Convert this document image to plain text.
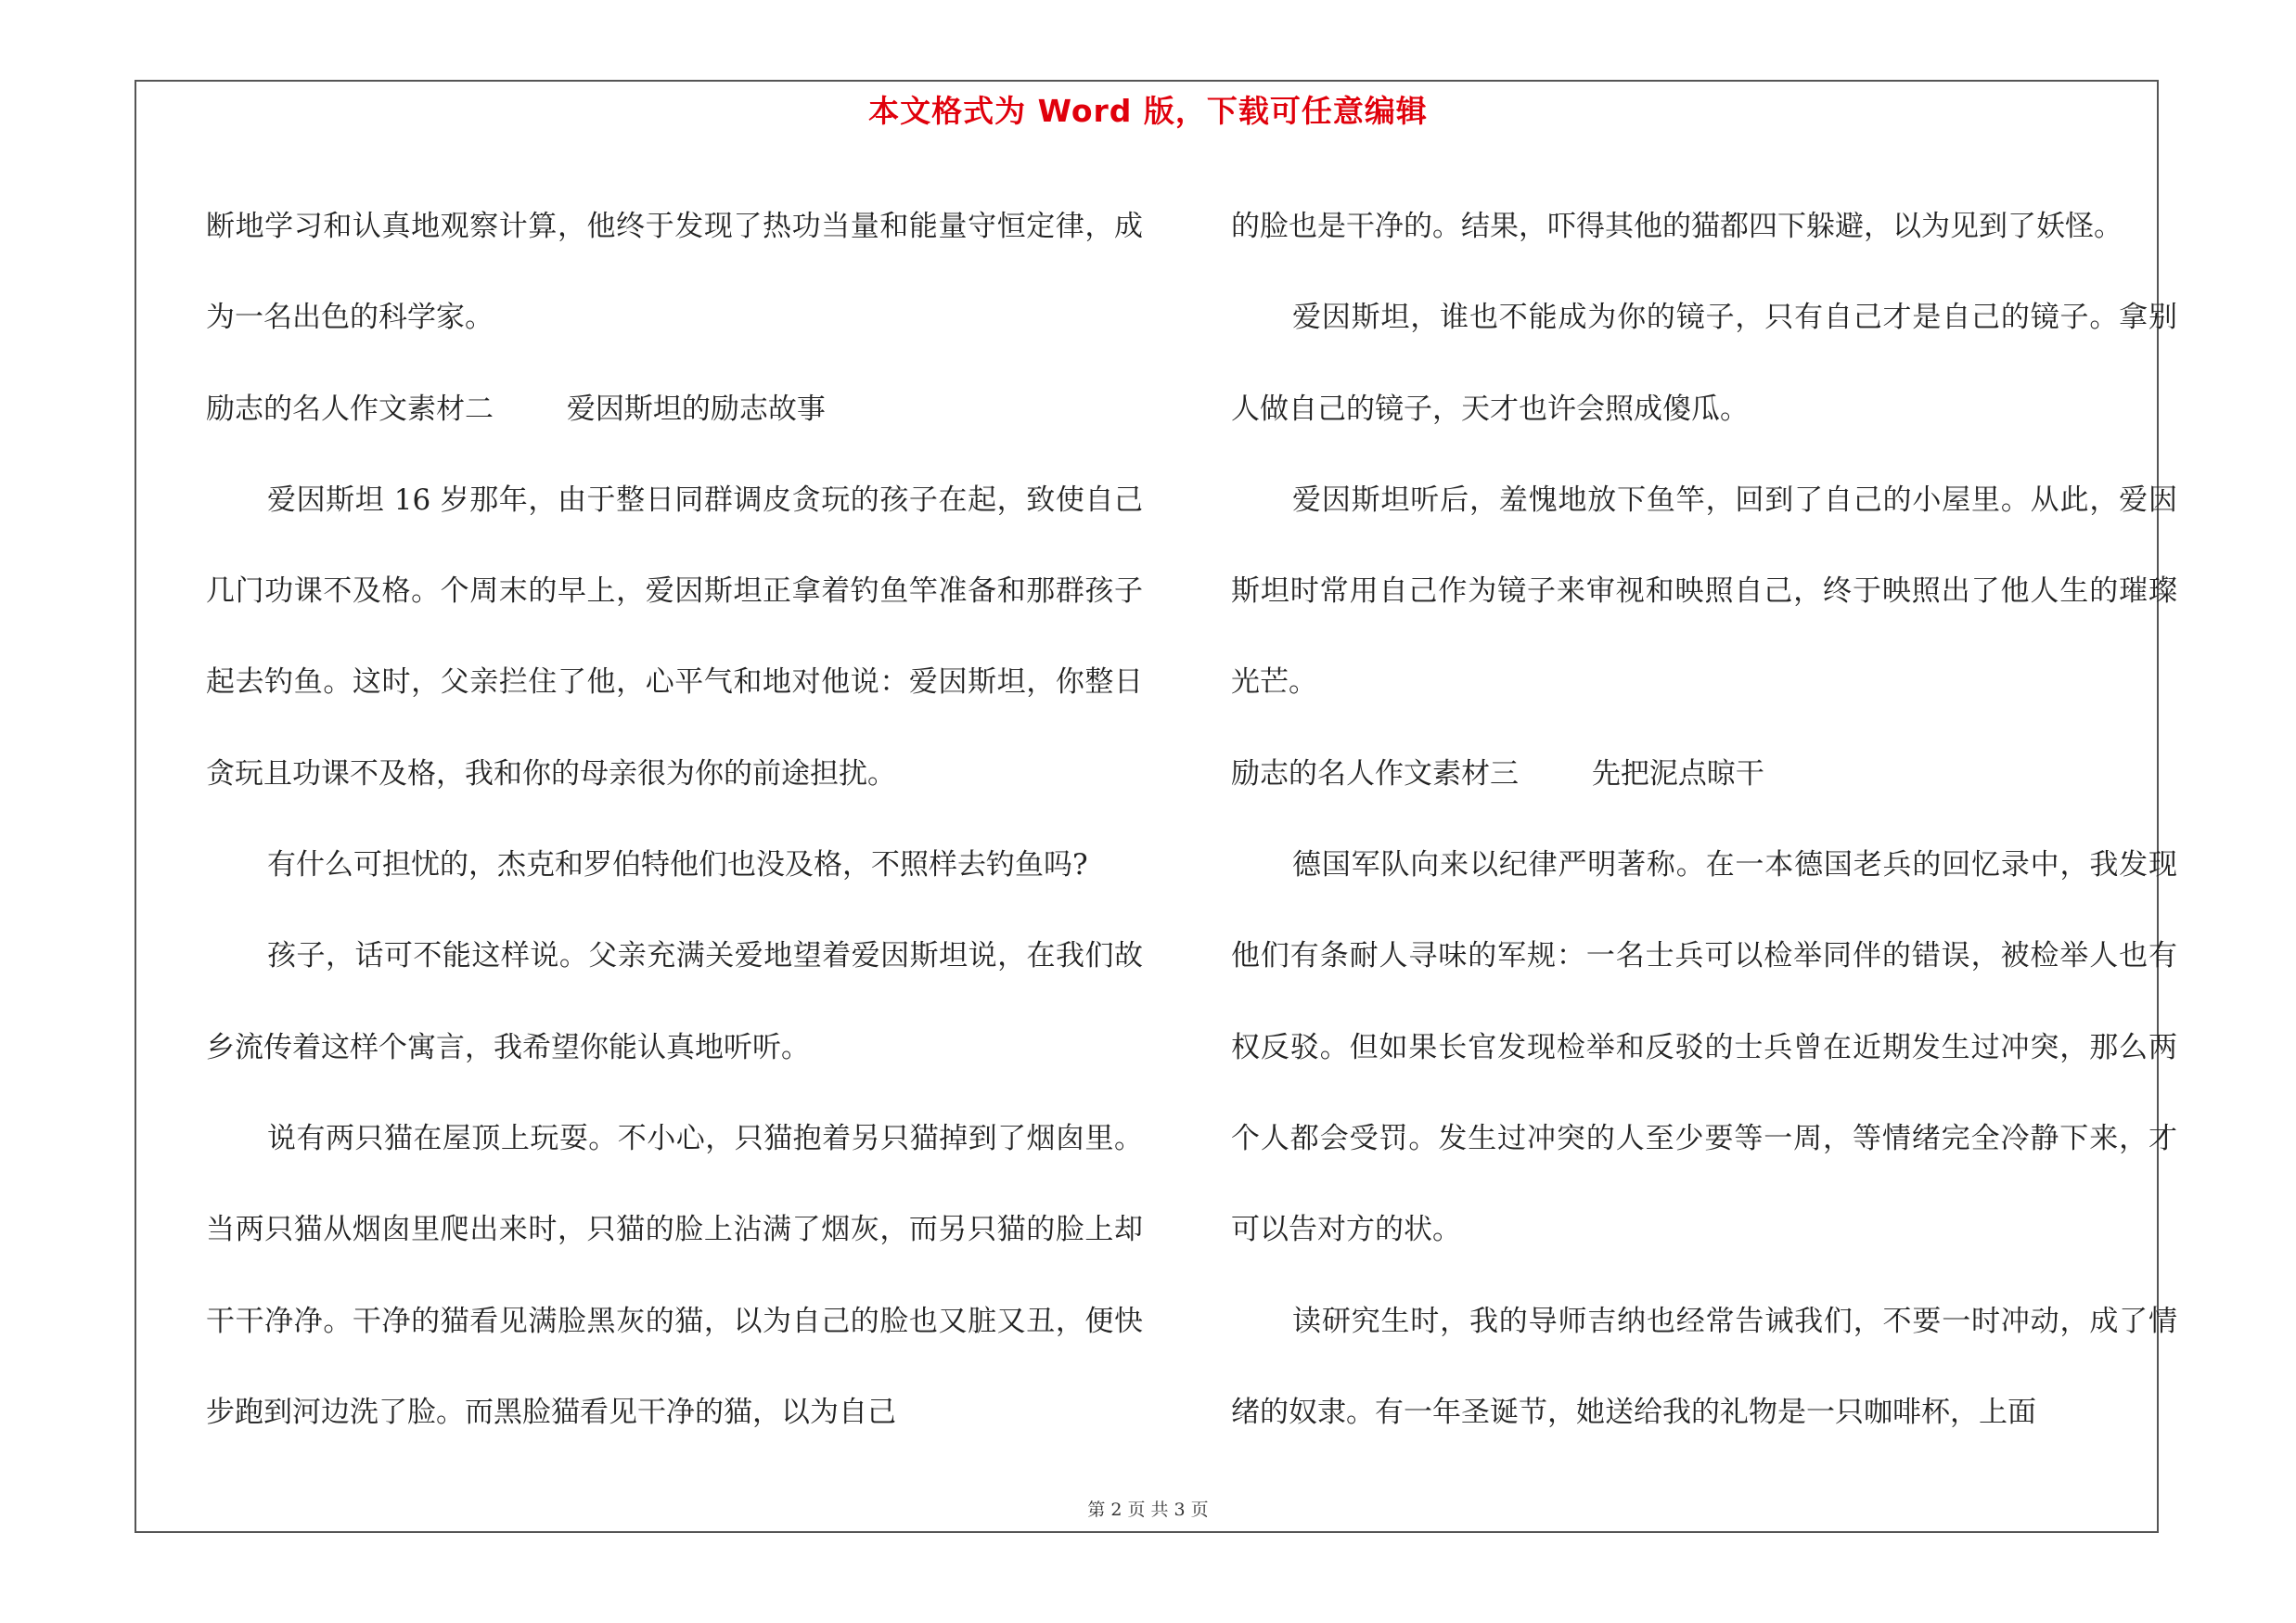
本文格式为 Word 版，下载可任意编辑

断地学习和认真地观察计算，他终于发现了热功当量和能量守恒定律，成为一名出色的科学家。

励志的名人作文素材二        爱因斯坦的励志故事

爱因斯坦 16 岁那年，由于整日同群调皮贪玩的孩子在起，致使自己几门功课不及格。个周末的早上，爱因斯坦正拿着钓鱼竿准备和那群孩子起去钓鱼。这时，父亲拦住了他，心平气和地对他说：爱因斯坦，你整日贪玩且功课不及格，我和你的母亲很为你的前途担扰。

有什么可担忧的，杰克和罗伯特他们也没及格，不照样去钓鱼吗?

孩子，话可不能这样说。父亲充满关爱地望着爱因斯坦说，在我们故乡流传着这样个寓言，我希望你能认真地听听。

说有两只猫在屋顶上玩耍。不小心，只猫抱着另只猫掉到了烟囱里。当两只猫从烟囱里爬出来时，只猫的脸上沾满了烟灰，而另只猫的脸上却干干净净。干净的猫看见满脸黑灰的猫，以为自己的脸也又脏又丑，便快步跑到河边洗了脸。而黑脸猫看见干净的猫，以为自己

的脸也是干净的。结果，吓得其他的猫都四下躲避，以为见到了妖怪。

爱因斯坦，谁也不能成为你的镜子，只有自己才是自己的镜子。拿别人做自己的镜子，天才也许会照成傻瓜。

爱因斯坦听后，羞愧地放下鱼竿，回到了自己的小屋里。从此，爱因斯坦时常用自己作为镜子来审视和映照自己，终于映照出了他人生的璀璨光芒。

励志的名人作文素材三        先把泥点晾干

德国军队向来以纪律严明著称。在一本德国老兵的回忆录中，我发现他们有条耐人寻味的军规：一名士兵可以检举同伴的错误，被检举人也有权反驳。但如果长官发现检举和反驳的士兵曾在近期发生过冲突，那么两个人都会受罚。发生过冲突的人至少要等一周，等情绪完全冷静下来，才可以告对方的状。

读研究生时，我的导师吉纳也经常告诫我们，不要一时冲动，成了情绪的奴隶。有一年圣诞节，她送给我的礼物是一只咖啡杯，上面

第 2 页 共 3 页
